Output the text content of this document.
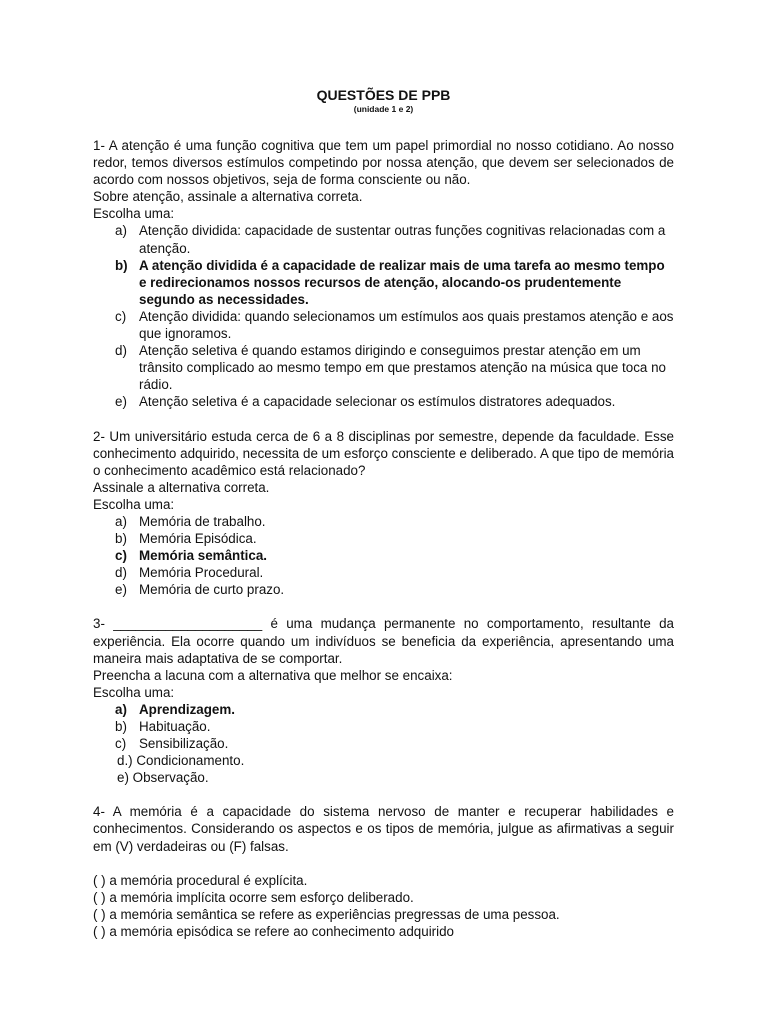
QUESTÕES DE PPB

(unidade 1 e 2)

1- A atenção é uma função cognitiva que tem um papel primordial no nosso cotidiano. Ao nosso redor, temos diversos estímulos competindo por nossa atenção, que devem ser selecionados de acordo com nossos objetivos, seja de forma consciente ou não.

Sobre atenção, assinale a alternativa correta.

Escolha uma:

a) Atenção dividida: capacidade de sustentar outras funções cognitivas relacionadas com a atenção.
b) A atenção dividida é a capacidade de realizar mais de uma tarefa ao mesmo tempo e redirecionamos nossos recursos de atenção, alocando-os prudentemente segundo as necessidades.
c) Atenção dividida: quando selecionamos um estímulos aos quais prestamos atenção e aos que ignoramos.
d) Atenção seletiva é quando estamos dirigindo e conseguimos prestar atenção em um trânsito complicado ao mesmo tempo em que prestamos atenção na música que toca no rádio.
e) Atenção seletiva é a capacidade selecionar os estímulos distratores adequados.

2- Um universitário estuda cerca de 6 a 8 disciplinas por semestre, depende da faculdade. Esse conhecimento adquirido, necessita de um esforço consciente e deliberado. A que tipo de memória o conhecimento acadêmico está relacionado?

Assinale a alternativa correta.

Escolha uma:

a) Memória de trabalho.
b) Memória Episódica.
c) Memória semântica.
d) Memória Procedural.
e) Memória de curto prazo.

3- ____________________ é uma mudança permanente no comportamento, resultante da experiência. Ela ocorre quando um indivíduos se beneficia da experiência, apresentando uma maneira mais adaptativa de se comportar.

Preencha a lacuna com a alternativa que melhor se encaixa:

Escolha uma:

a) Aprendizagem.
b) Habituação.
c) Sensibilização.
d.) Condicionamento.
e) Observação.

4- A memória é a capacidade do sistema nervoso de manter e recuperar habilidades e conhecimentos. Considerando os aspectos e os tipos de memória, julgue as afirmativas a seguir em (V) verdadeiras ou (F) falsas.

( ) a memória procedural é explícita.
( ) a memória implícita ocorre sem esforço deliberado.
( ) a memória semântica se refere as experiências pregressas de uma pessoa.
( ) a memória episódica se refere ao conhecimento adquirido
